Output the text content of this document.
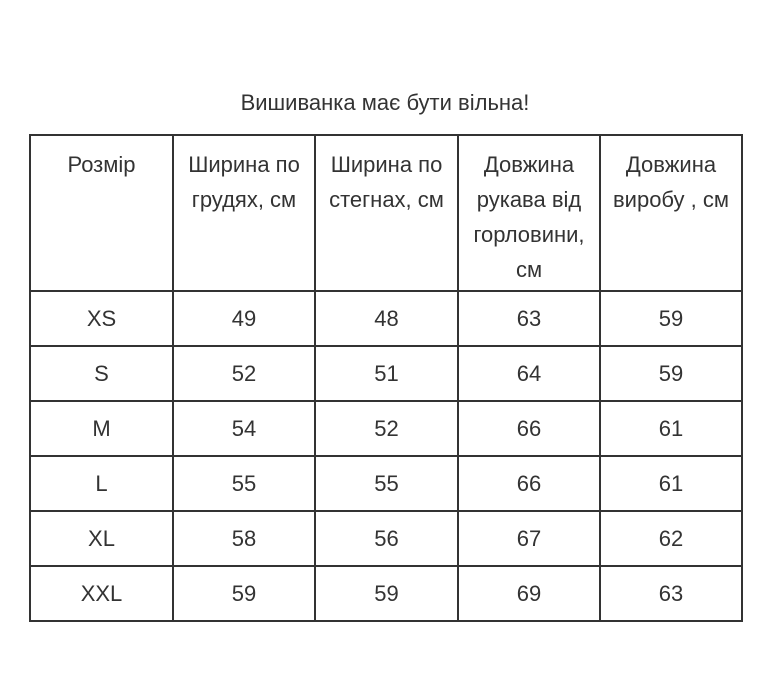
Вишиванка має бути вільна!
Розмір	Ширина по грудях, см	Ширина по стегнах, см	Довжина рукава від горловини, см	Довжина виробу , см
XS	49	48	63	59
S	52	51	64	59
M	54	52	66	61
L	55	55	66	61
XL	58	56	67	62
XXL	59	59	69	63
